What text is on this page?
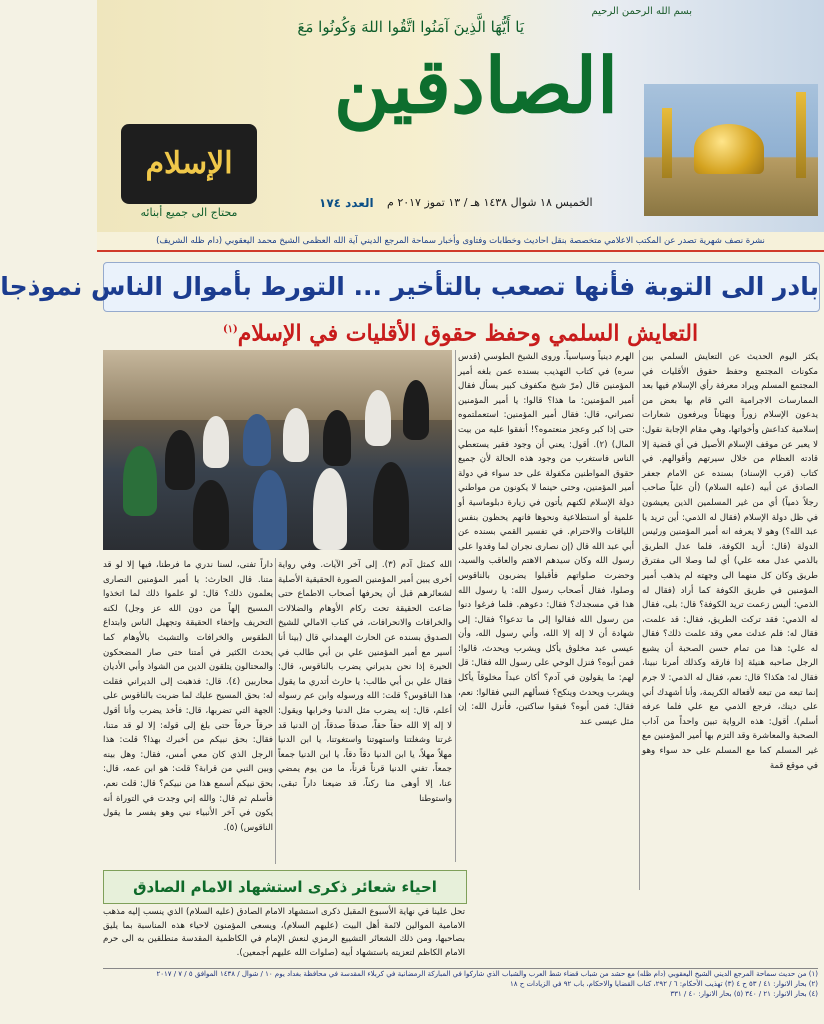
بسم الله الرحمن الرحيم
يَا أَيُّهَا الَّذِينَ آمَنُوا اتَّقُوا اللهَ وَكُونُوا مَعَ
الصادقين
العدد ١٧٤ الخميس ١٨ شوال ١٤٣٨ هـ / ١٣ تموز ٢٠١٧ م
الإسلام
محتاج الى جميع أبنائه
نشرة نصف شهرية تصدر عن المكتب الاعلامي متخصصة بنقل احاديث وخطابات وفتاوى وأخبار سماحة المرجع الديني آية الله العظمى الشيخ محمد اليعقوبي (دام ظله الشريف)
بادر الى التوبة فأنها تصعب بالتأخير ... التورط بأموال الناس نموذجا
التعايش السلمي وحفظ حقوق الأقليات في الإسلام$^{(١)}$

يكثر اليوم الحديث عن التعايش السلمي بين مكونات المجتمع وحفظ حقوق الأقليات في المجتمع المسلم ويراد معرفة رأي الإسلام فيها بعد الممارسات الاجرامية التي قام بها بعض من يدعون الإسلام زوراً وبهتاناً ويرفعون شعارات إسلامية كداعش وأخواتها، وهي مقام الإجابة نقول: لا يعبر عن موقف الإسلام الأصيل في أي قضية إلا قادته العظام من خلال سيرتهم وأقوالهم. في كتاب (قرب الإسناد) بسنده عن الامام جعفر الصادق عن أبيه (عليه السلام) (أن علياً صاحب رجلاً ذمياً) أي من غير المسلمين الذين يعيشون في ظل دولة الإسلام (فقال له الذمي: أين تريد يا عبد الله؟) وهو لا يعرفه انه أمير المؤمنين ورئيس الدولة (قال: أريد الكوفة، فلما عدل الطريق بالذمي عدل معه علي) أي لما وصلا الى مفترق طريق وكان كل منهما الى وجهته لم يذهب أمير المؤمنين في طريق الكوفة كما أراد (فقال له الذمي: أليس زعمت تريد الكوفة؟ قال: بلى، فقال له الذمي: فقد تركت الطريق، فقال: قد علمت، فقال له: فلم عدلت معي وقد علمت ذلك؟ فقال له علي: هذا من تمام حسن الصحبة أن يشيع الرجل صاحبه هنيئة إذا فارقه وكذلك أمرنا نبينا، فقال له: هكذا؟ قال: نعم، فقال له الذمي: لا جرم إنما تبعه من تبعه لأفعاله الكريمة، وأنا أشهدك أني على دينك، فرجع الذمي مع علي فلما عرفه أسلم). أقول: هذه الرواية تبين واحداً من آداب الصحبة والمعاشرة وقد التزم بها أمير المؤمنين مع غير المسلم كما مع المسلم على حد سواء وهو في موقع قمة

الهرم دينياً وسياسياً. وروى الشيخ الطوسي (قدس سره) في كتاب التهذيب بسنده عمن بلغه أمير المؤمنين قال (مرّ شيخ مكفوف كبير يسأل فقال أمير المؤمنين: ما هذا؟ قالوا: يا أمير المؤمنين نصراني، قال: فقال أمير المؤمنين: استعملتموه حتى إذا كبر وعجز منعتموه؟! أنفقوا عليه من بيت المال) (٢). أقول: يعني أن وجود فقير يستعطي الناس فاستغرب من وجود هذه الحالة لأن جميع حقوق المواطنين مكفولة على حد سواء في دولة أمير المؤمنين، وحتى حينما لا يكونون من مواطني دولة الإسلام لكنهم يأتون في زيارة دبلوماسية أو علمية أو استطلاعية ونحوها فانهم يحظون بنفس اللياقات والاحترام. في تفسير القمي بسنده عن أبي عبد الله قال (إن نصارى نجران لما وفدوا على رسول الله وكان سيدهم الاهتم والعاقب والسيد، وحضرت صلواتهم فأقبلوا يضربون بالناقوس وصلوا، فقال أصحاب رسول الله: يا رسول الله هذا في مسجدك؟ فقال: دعوهم. فلما فرغوا دنوا من رسول الله فقالوا إلى ما تدعوا؟ فقال: إلى شهادة أن لا إله إلا الله، وأني رسول الله، وأن عيسى عبد مخلوق يأكل ويشرب ويحدث، قالوا: فمن أبوه؟ فنزل الوحي على رسول الله فقال: قل لهم: ما يقولون في آدم؟ أكان عبداً مخلوقاً يأكل ويشرب ويحدث وينكح؟ فسألهم النبي فقالوا: نعم، فقال: فمن أبوه؟ فبقوا ساكتين، فأنزل الله: إن مثل عيسى عند

الله كمثل آدم (٣). إلى آخر الآيات. وفي رواية أخرى يبين أمير المؤمنين الصورة الحقيقية الأصلية لشعائرهم قبل أن يحرفها أصحاب الاطماع حتى ضاعت الحقيقة تحت ركام الأوهام والضلالات والخرافات والانحرافات، في كتاب الامالي للشيخ الصدوق بسنده عن الحارث الهمداني قال (بينا أنا أسير مع أمير المؤمنين علي بن أبي طالب في الحيرة إذا نحن بديراني يضرب بالناقوس، قال: فقال علي بن أبي طالب: يا حارث أتدري ما يقول هذا الناقوس؟ قلت: الله ورسوله وابن عم رسوله أعلم، قال: إنه يضرب مثل الدنيا وخرابها ويقول: لا إله إلا الله حقاً حقاً، صدقاً صدقاً، إن الدنيا قد غرتنا وشغلتنا واستهوتنا واستغوتنا، يا ابن الدنيا مهلاً مهلاً، يا ابن الدنيا دقاً دقاً، يا ابن الدنيا جمعاً جمعاً، تفني الدنيا قرناً قرناً، ما من يوم يمضي عنا، إلا أوهى منا ركناً، قد ضيعنا داراً تبقى، واستوطنا

داراً تفنى، لسنا ندري ما فرطنا، فيها إلا لو قد متنا. قال الحارث: يا أمير المؤمنين النصارى يعلمون ذلك؟ قال: لو علموا ذلك لما اتخذوا المسيح إلهاً من دون الله عز وجل) لكنه التحريف وإخفاء الحقيقة وتجهيل الناس وابتداع الطقوس والخرافات والتشبث بالأوهام كما يحدث الكثير في أمتنا حتى صار المضحكون والمحتالون يتلقون الدين من الشواذ وأبي الأديان محاربين (٤). قال: فذهبت إلى الديراني فقلت له: بحق المسيح عليك لما ضربت بالناقوس على الجهة التي تضربها، قال: فأخذ يضرب وأنا أقول حرفاً حرفاً حتى بلغ إلى قوله: إلا لو قد متنا، فقال: بحق نبيكم من أخبرك بهذا؟ قلت: هذا الرجل الذي كان معي أمس، فقال: وهل بينه وبين النبي من قرابة؟ قلت: هو ابن عمه، قال: بحق نبيكم أسمع هذا من نبيكم؟ قال: قلت نعم، فأسلم ثم قال: والله إني وجدت في التوراة أنه يكون في آخر الأنبياء نبي وهو يفسر ما يقول الناقوس) (٥).

احياء شعائر ذكرى استشهاد الامام الصادق
تحل علينا في نهاية الأسبوع المقبل ذكرى استشهاد الامام الصادق (عليه السلام) الذي ينسب إليه مذهب الامامية الموالين لائمة أهل البيت (عليهم السلام)، ويسعى المؤمنون لاحياء هذه المناسبة بما يليق بصاحبها، ومن ذلك الشعائر التشييع الرمزي لنعش الإمام في الكاظمية المقدسة منطلقين به الى حرم الامام الكاظم لتعزيته باستشهاد أبيه (صلوات الله عليهم أجمعين).
(١) من حديث سماحة المرجع الديني الشيخ اليعقوبي (دام ظله) مع حشد من شباب قضاء شط العرب والشباب الذي شاركوا في المباركة الرمضانية في كربلاء المقدسة في محافظة بغداد يوم ١٠ / شوال / ١٤٣٨ الموافق ٥ / ٧ / ٢٠١٧
(٢) بحار الانوار: ٤١ / ٥٣ ح ٤ (٣) تهذيب الأحكام: ٦ / ٢٩٢، كتاب القضايا والاحكام، باب ٩٢ في الزيادات ح ١٨
(٤) بحار الانوار: ٢١ / ٣٤٠ (٥) بحار الانوار: ٤٠ / ٣٣١
